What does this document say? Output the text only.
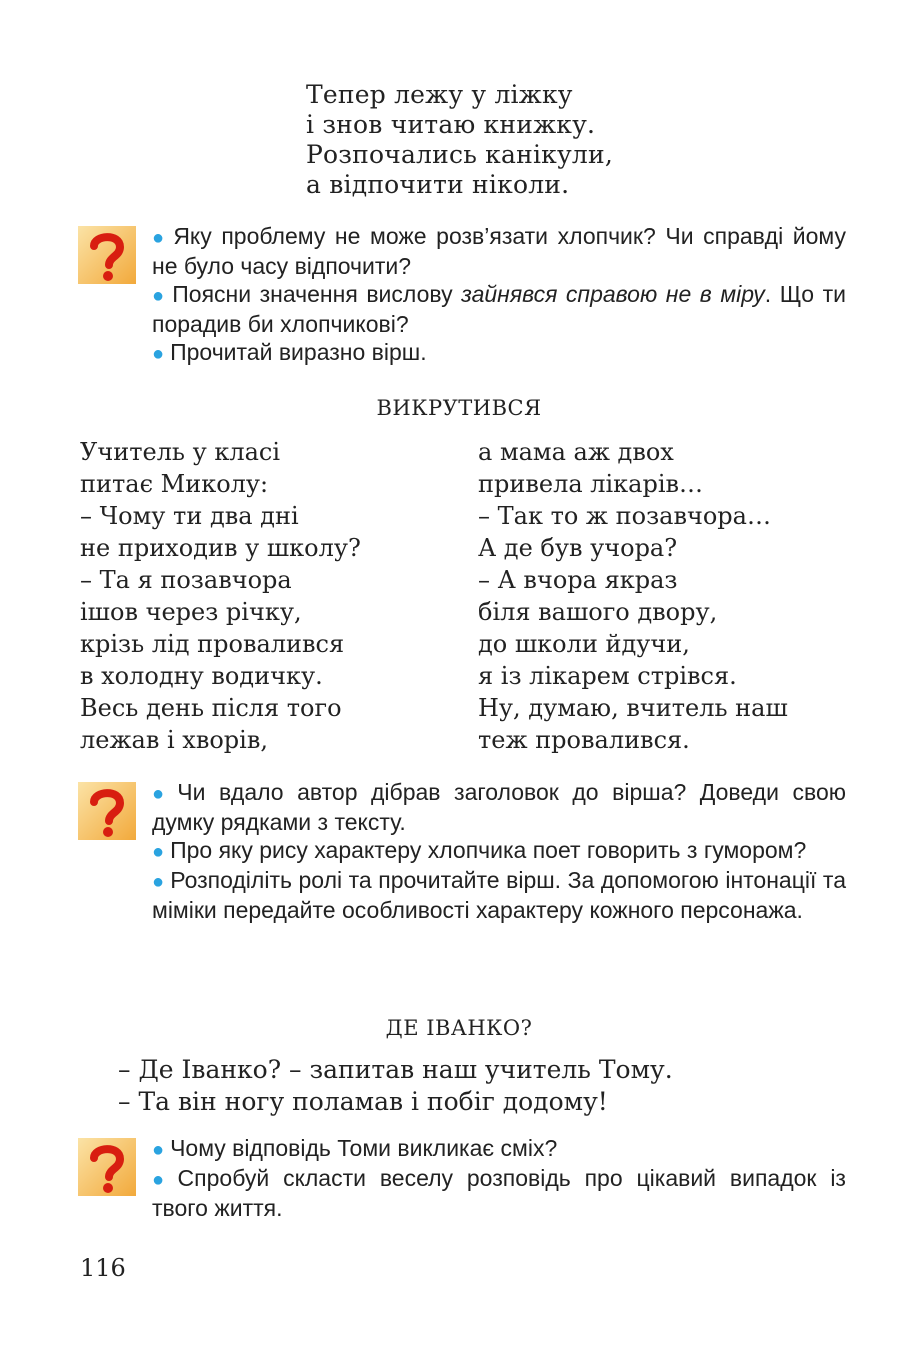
Тепер лежу у ліжку
і знов читаю книжку.
Розпочались канікули,
а відпочити ніколи.

● Яку проблему не може розв’язати хлопчик? Чи справді йому не було часу відпочити?

● Поясни значення вислову зайнявся справою не в міру. Що ти порадив би хлопчикові?

● Прочитай виразно вірш.

ВИКРУТИВСЯ
Учитель у класі
питає Миколу:
– Чому ти два дні
не приходив у школу?
– Та я позавчора
ішов через річку,
крізь лід провалився
в холодну водичку.
Весь день після того
лежав і хворів,
а мама аж двох
привела лікарів…
– Так то ж позавчора…
А де був учора?
– А вчора якраз
біля вашого двору,
до школи йдучи,
я із лікарем стрівся.
Ну, думаю, вчитель наш
теж провалився.

● Чи вдало автор дібрав заголовок до вірша? Доведи свою думку рядками з тексту.

● Про яку рису характеру хлопчика поет говорить з гумором?

● Розподіліть ролі та прочитайте вірш. За допомогою інтонації та міміки передайте особливості характеру кожного персонажа.

ДЕ ІВАНКО?
– Де Іванко? – запитав наш учитель Тому.
– Та він ногу поламав і побіг додому!

● Чому відповідь Томи викликає сміх?

● Спробуй скласти веселу розповідь про цікавий випадок із твого життя.

116
